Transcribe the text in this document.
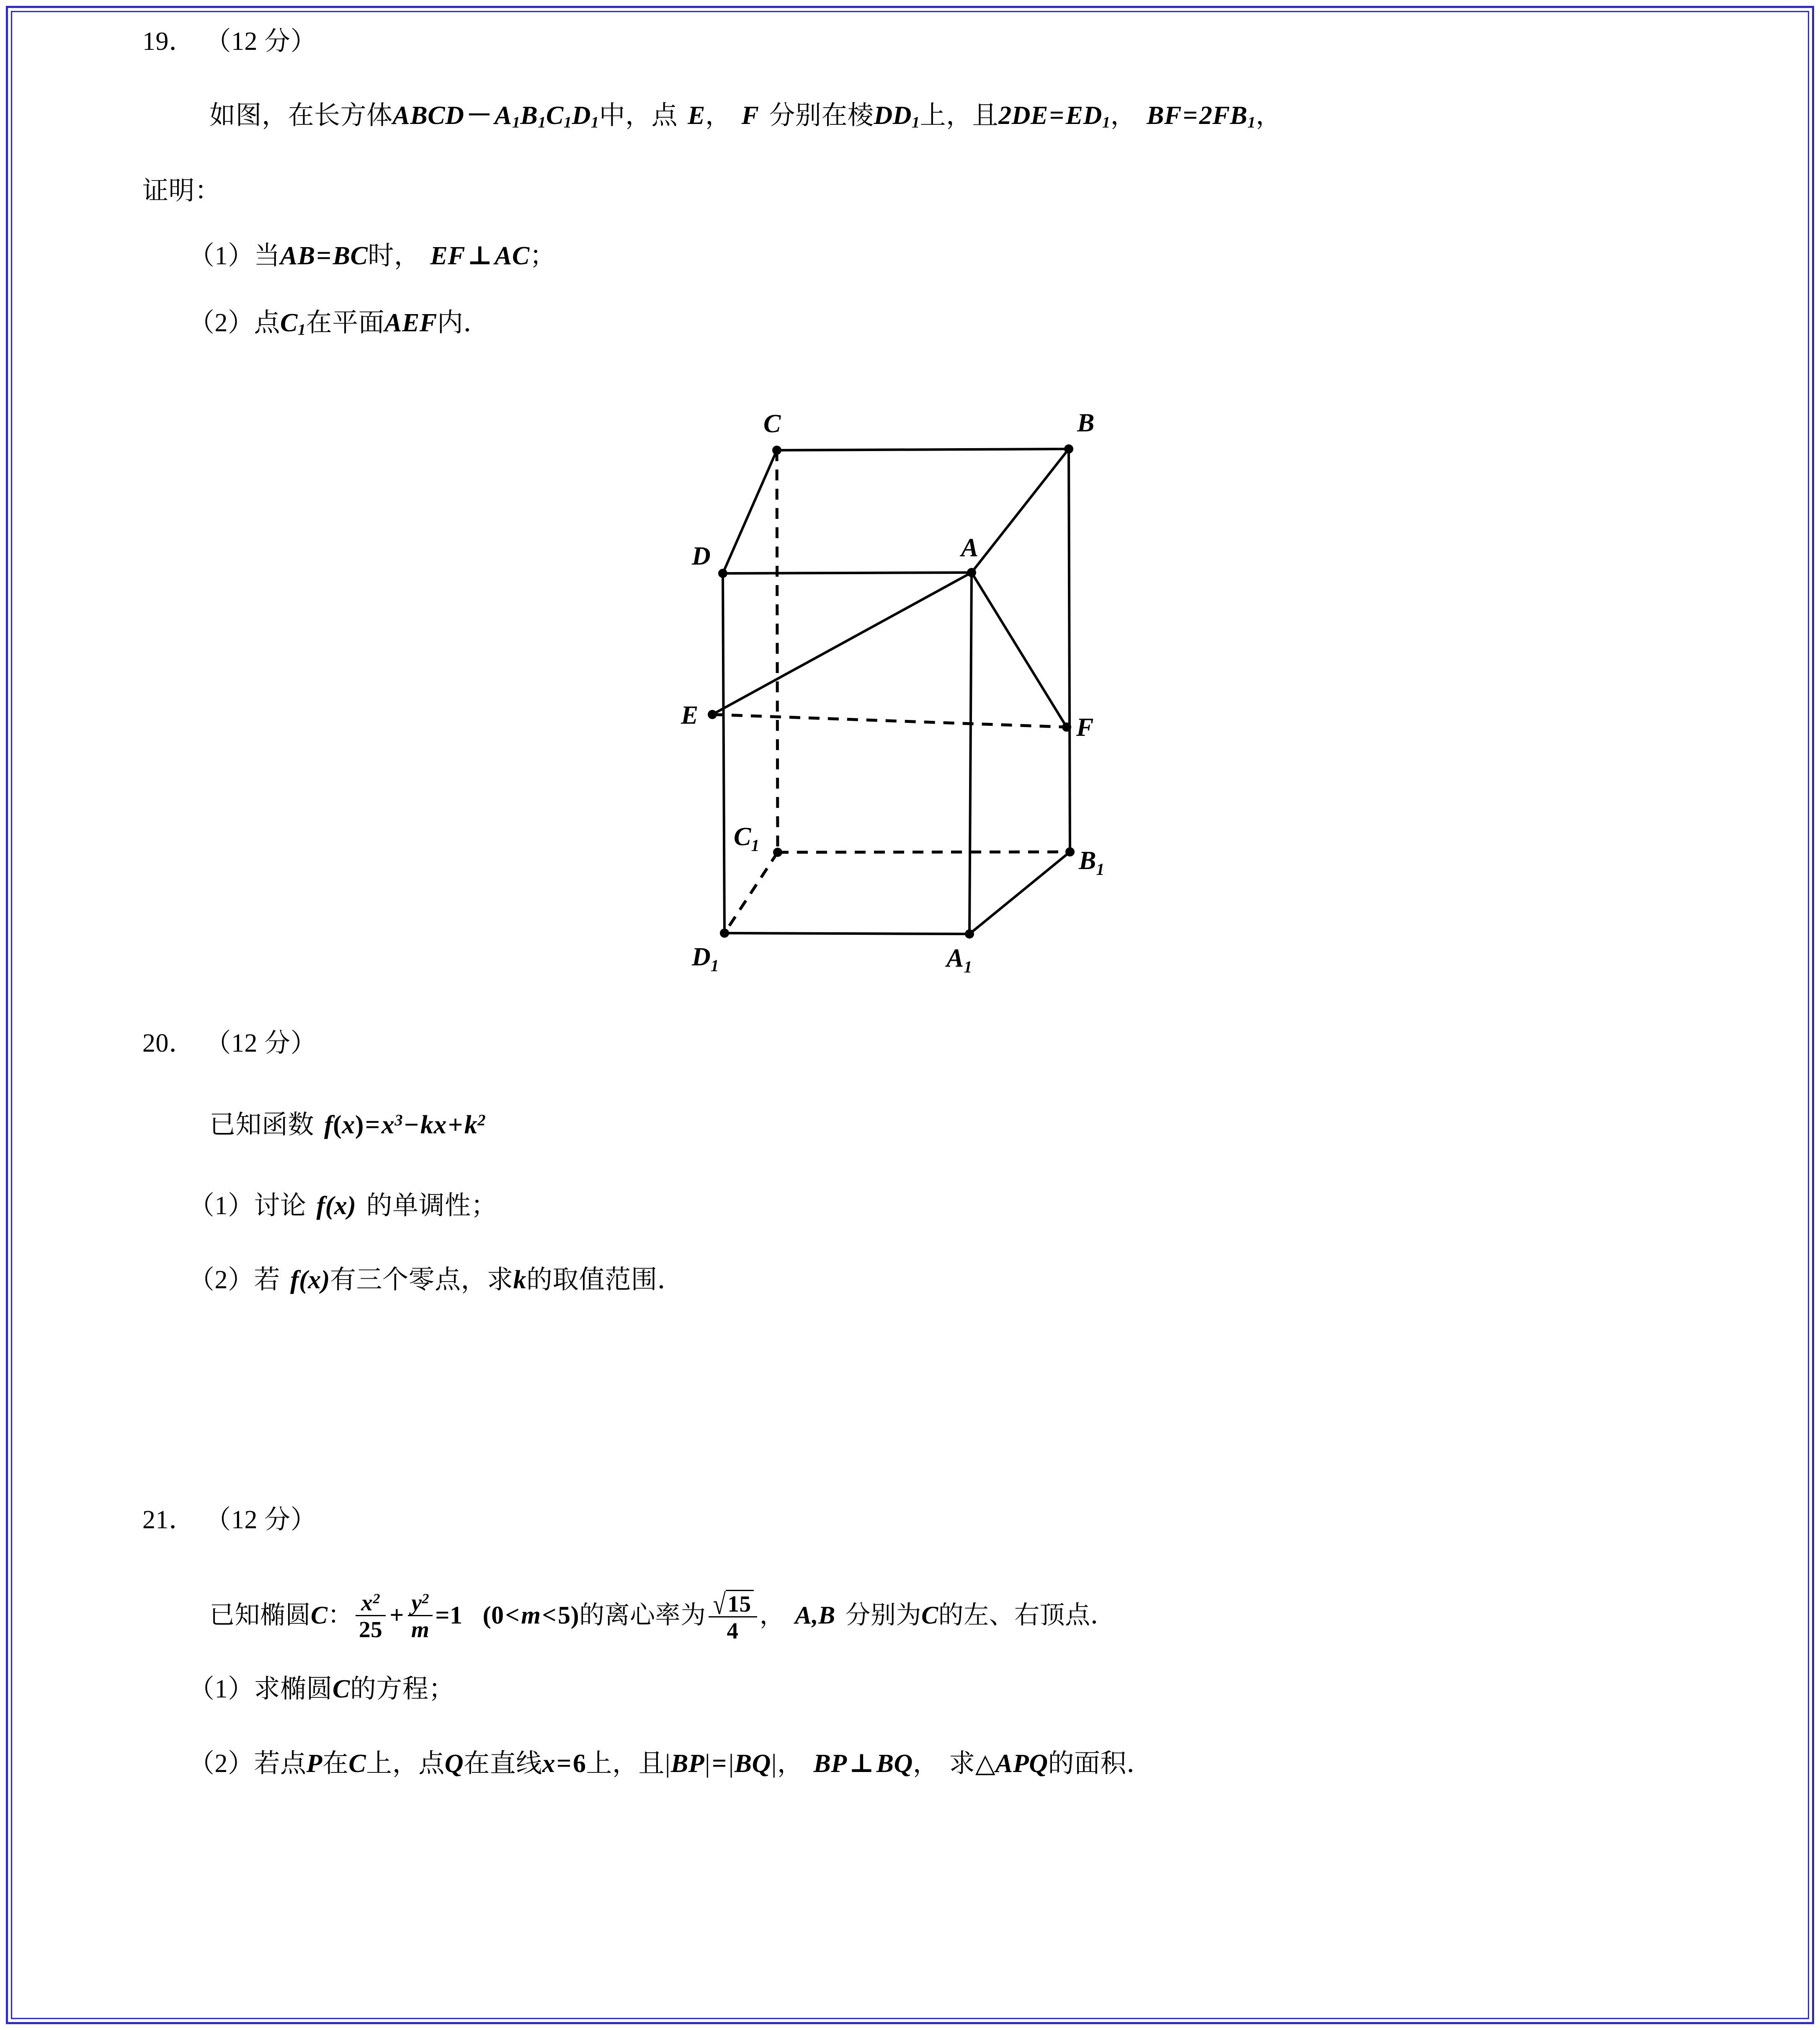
19． （12 分）
如图，在长方体$ABCD-A_1B_1C_1D_1$中，点 E， F 分别在棱$DD_1$上，且$2DE=ED_1$， $BF=2FB_1$，
证明：
（1）当AB=BC时， EF⊥AC；
（2）点$C_1$在平面AEF内．
C	B
D	A
E	F
$C_1$
$B_1$
$D_1$	$A_1$
20． （12 分）
已知函数 $f(x)=x^3-kx+k^2$
（1）讨论 f(x) 的单调性；
（2）若 f(x)有三个零点，求k的取值范围．
21． （12 分）
已知椭圆C： $\frac{x^2}{25} + \frac{y^2}{m} =1$ (0<m<5)的离心率为 $\frac{√15}{4}$ ， A,B 分别为C的左、右顶点．
（1）求椭圆C的方程；
（2）若点P在C上，点Q在直线x=6上，且|BP|=|BQ|， BP⊥BQ， 求△APQ的面积．
